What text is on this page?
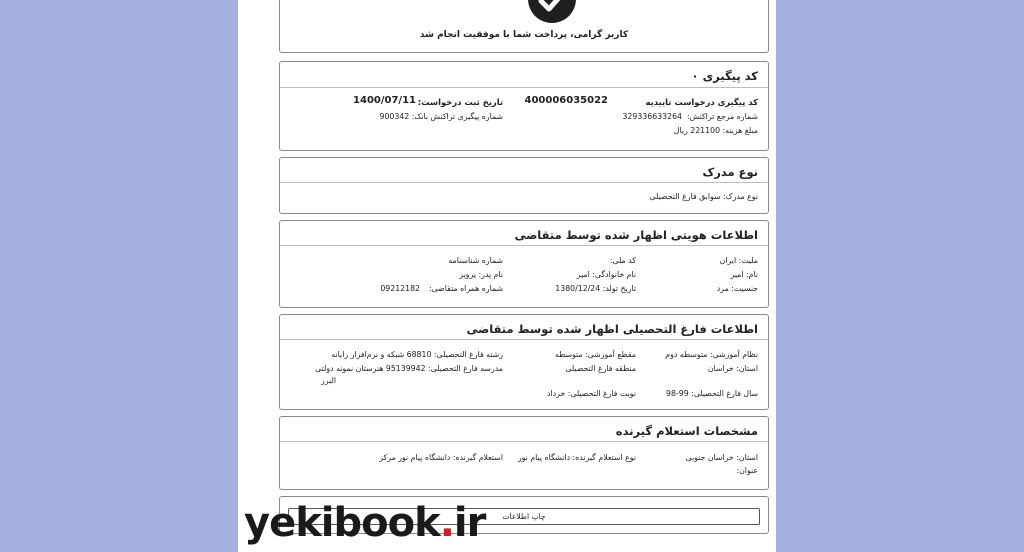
کاربر گرامی، پرداخت شما با موفقیت انجام شد
کد پیگیری ۰
کد پیگیری درخواست تاییدیه
400006035022
تاریخ ثبت درخواست:
1400/07/11
شماره مرجع تراکنش:
329336633264
شماره پیگیری تراکنش بانک: 900342
مبلغ هزینه: 221100 ریال
نوع مدرک
نوع مدرک: سوابق فارغ التحصیلی
اطلاعات هویتی اظهار شده توسط متقاضی
ملیت: ایران
کد ملی:
شماره شناسنامه
نام: امیر
نام خانوادگی: امیر
نام پدر: پرویز
جنسیت: مرد
تاریخ تولد: 1380/12/24
شماره همراه متقاضی:
09212182
اطلاعات فارغ التحصیلی اظهار شده توسط متقاضی
نظام آموزشی: متوسطه دوم
مقطع آموزشی: متوسطه
رشته فارغ التحصیلی: 68810 شبکه و نرم‌افزار رایانه
استان: خراسان
منطقه فارغ التحصیلی
مدرسه فارغ التحصیلی: 95139942 هنرستان نمونه دولتی
البرز
سال فارغ التحصیلی: 99-98
نوبت فارغ التحصیلی: خرداد
مشخصات استعلام گیرنده
استان: خراسان جنوبی
نوع استعلام گیرنده: دانشگاه پیام نور
استعلام گیرنده: دانشگاه پیام نور مرکز
عنوان:
چاپ اطلاعات
yekibook.ir
